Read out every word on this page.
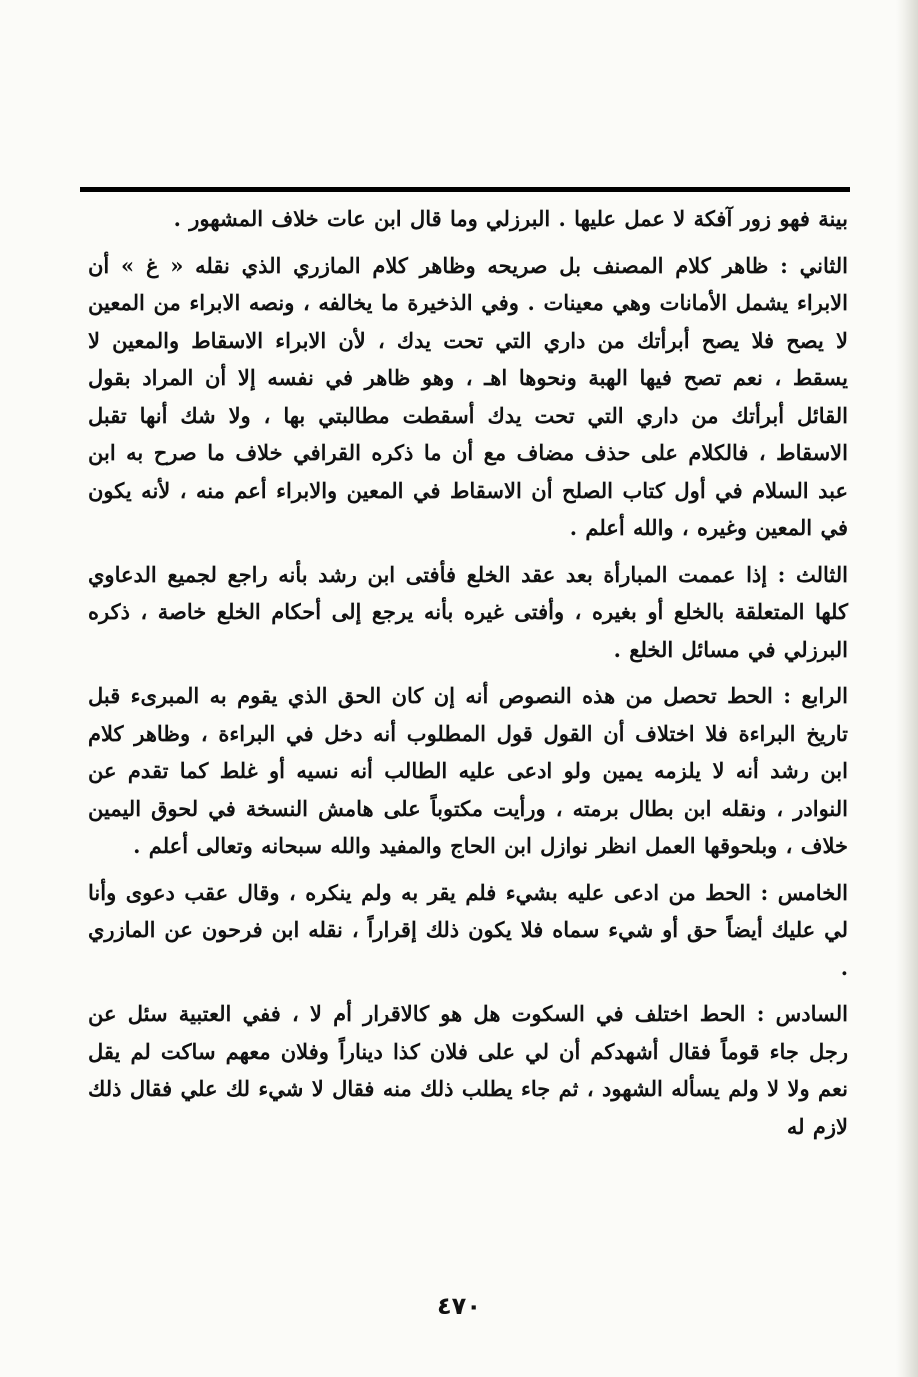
بينة فهو زور آفكة لا عمل عليها . البرزلي وما قال ابن عات خلاف المشهور .

الثاني : ظاهر كلام المصنف بل صريحه وظاهر كلام المازري الذي نقله « غ » أن الابراء يشمل الأمانات وهي معينات . وفي الذخيرة ما يخالفه ، ونصه الابراء من المعين لا يصح فلا يصح أبرأتك من داري التي تحت يدك ، لأن الابراء الاسقاط والمعين لا يسقط ، نعم تصح فيها الهبة ونحوها اهـ ، وهو ظاهر في نفسه إلا أن المراد بقول القائل أبرأتك من داري التي تحت يدك أسقطت مطالبتي بها ، ولا شك أنها تقبل الاسقاط ، فالكلام على حذف مضاف مع أن ما ذكره القرافي خلاف ما صرح به ابن عبد السلام في أول كتاب الصلح أن الاسقاط في المعين والابراء أعم منه ، لأنه يكون في المعين وغيره ، والله أعلم .

الثالث : إذا عممت المبارأة بعد عقد الخلع فأفتى ابن رشد بأنه راجع لجميع الدعاوي كلها المتعلقة بالخلع أو بغيره ، وأفتى غيره بأنه يرجع إلى أحكام الخلع خاصة ، ذكره البرزلي في مسائل الخلع .

الرابع : الحط تحصل من هذه النصوص أنه إن كان الحق الذي يقوم به المبرىء قبل تاريخ البراءة فلا اختلاف أن القول قول المطلوب أنه دخل في البراءة ، وظاهر كلام ابن رشد أنه لا يلزمه يمين ولو ادعى عليه الطالب أنه نسيه أو غلط كما تقدم عن النوادر ، ونقله ابن بطال برمته ، ورأيت مكتوباً على هامش النسخة في لحوق اليمين خلاف ، وبلحوقها العمل انظر نوازل ابن الحاج والمفيد والله سبحانه وتعالى أعلم .

الخامس : الحط من ادعى عليه بشيء فلم يقر به ولم ينكره ، وقال عقب دعوى وأنا لي عليك أيضاً حق أو شيء سماه فلا يكون ذلك إقراراً ، نقله ابن فرحون عن المازري .

السادس : الحط اختلف في السكوت هل هو كالاقرار أم لا ، ففي العتبية سئل عن رجل جاء قوماً فقال أشهدكم أن لي على فلان كذا ديناراً وفلان معهم ساكت لم يقل نعم ولا لا ولم يسأله الشهود ، ثم جاء يطلب ذلك منه فقال لا شيء لك علي فقال ذلك لازم له

٤٧٠
